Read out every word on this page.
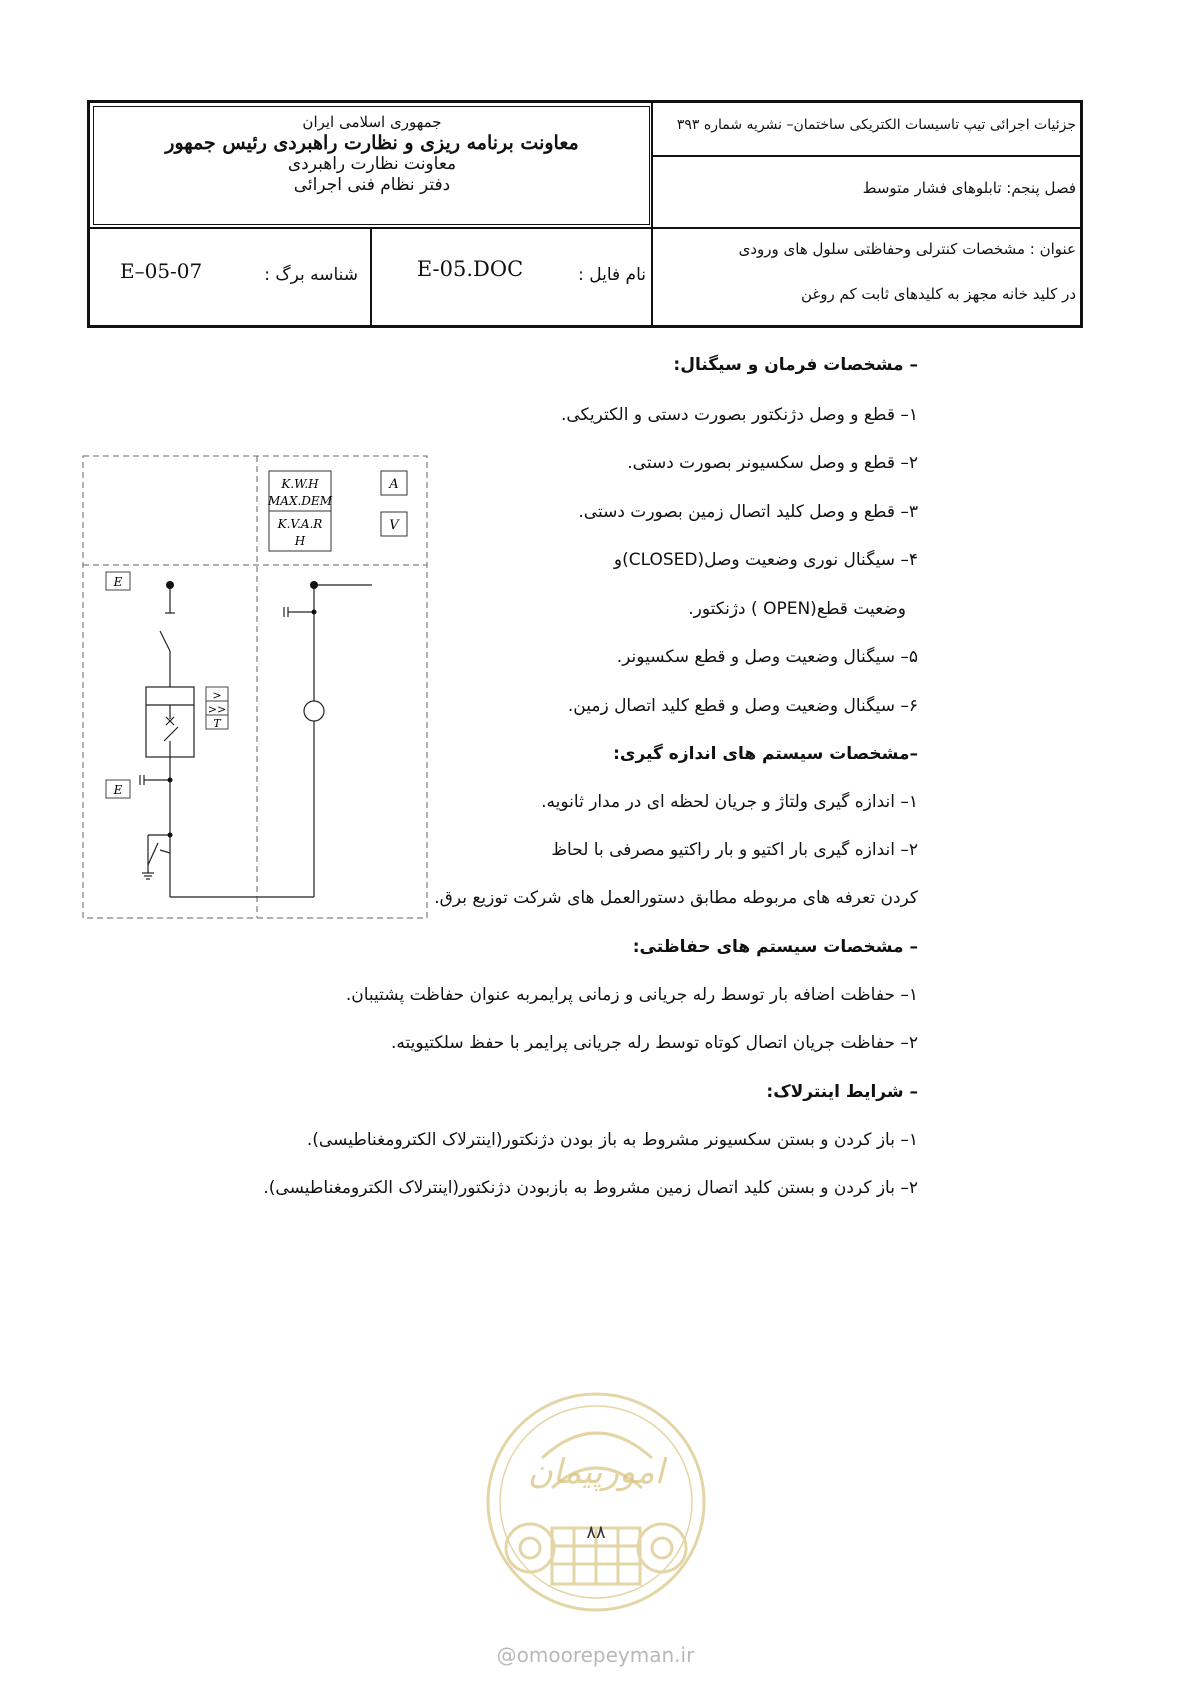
جمهوری اسلامی ایران
معاونت برنامه ریزی و نظارت راهبردی رئیس جمهور
معاونت نظارت راهبردی
دفتر نظام فنی اجرائی
جزئیات اجرائی تیپ تاسیسات الکتریکی ساختمان– نشریه شماره ۳۹۳
فصل پنجم: تابلوهای فشار متوسط
عنوان : مشخصات کنترلی وحفاظتی سلول های ورودی
در کلید خانه مجهز به کلیدهای ثابت کم روغن
نام فایل :
E-05.DOC
شناسه برگ :
E–05-07
K.W.H
MAX.DEM
K.V.A.R
H
A
V
E
E
>
>>
T
– مشخصات فرمان و سیگنال:
۱– قطع و وصل دژنکتور بصورت دستی و الکتریکی.
۲– قطع و وصل سکسیونر بصورت دستی.
۳– قطع و وصل کلید اتصال زمین بصورت دستی.
۴– سیگنال نوری وضعیت وصل(CLOSED)و
وضعیت قطع(OPEN ) دژنکتور.
۵– سیگنال وضعیت وصل و قطع سکسیونر.
۶– سیگنال وضعیت وصل و قطع کلید اتصال زمین.
–مشخصات سیستم های اندازه گیری:
۱– اندازه گیری ولتاژ و جریان لحظه ای در مدار ثانویه.
۲– اندازه گیری بار اکتیو و بار راکتیو مصرفی با لحاظ
کردن تعرفه های مربوطه مطابق دستورالعمل های شرکت توزیع برق.
– مشخصات سیستم های حفاظتی:
۱– حفاظت اضافه بار توسط رله جریانی و زمانی پرایمربه عنوان حفاظت پشتیبان.
۲– حفاظت جریان اتصال کوتاه توسط رله جریانی پرایمر با حفظ سلکتیویته.
– شرایط اینترلاک:
۱– باز کردن و بستن سکسیونر مشروط به باز بودن دژنکتور(اینترلاک الکترومغناطیسی).
۲– باز کردن و بستن کلید اتصال زمین مشروط به بازبودن دژنکتور(اینترلاک الکترومغناطیسی).
امورپیمان
۸۸
@omoorepeyman.ir
